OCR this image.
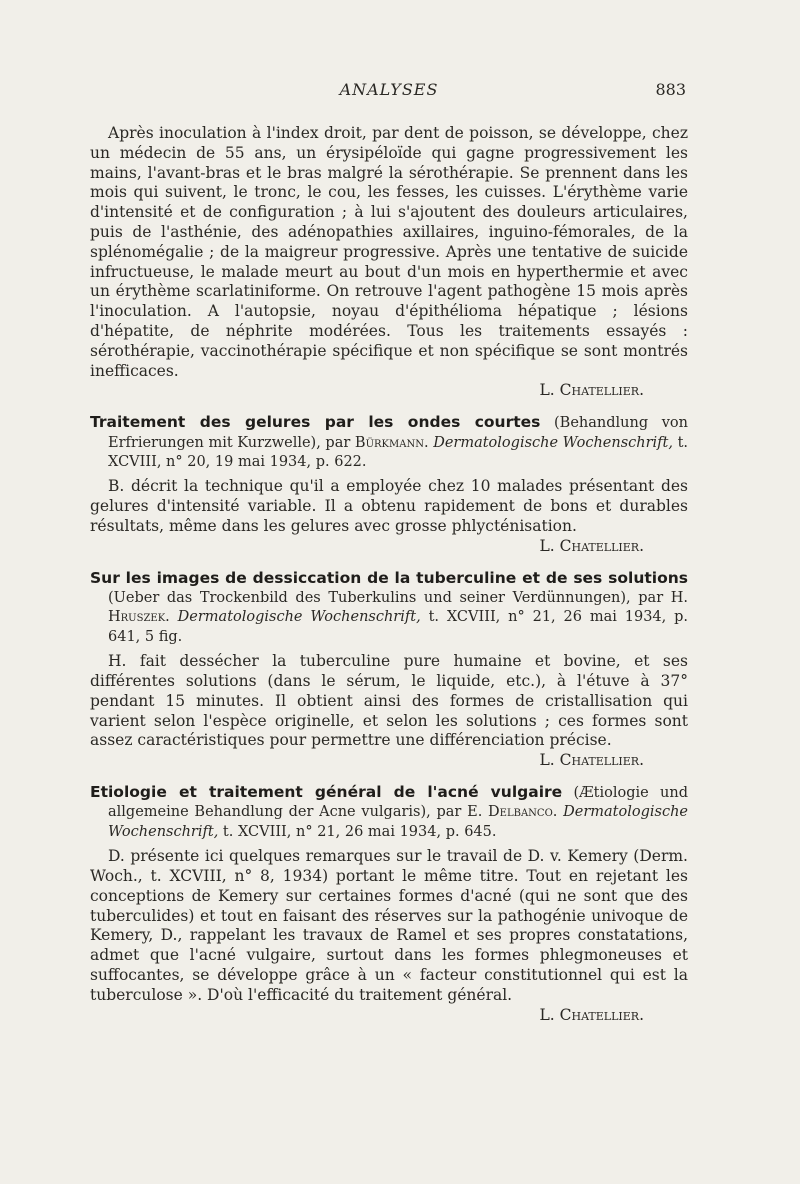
ANALYSES	883

Après inoculation à l'index droit, par dent de poisson, se développe, chez un médecin de 55 ans, un érysipéloïde qui gagne progressivement les mains, l'avant-bras et le bras malgré la sérothérapie. Se prennent dans les mois qui suivent, le tronc, le cou, les fesses, les cuisses. L'érythème varie d'intensité et de configuration ; à lui s'ajoutent des douleurs articulaires, puis de l'asthénie, des adénopathies axillaires, inguino-fémorales, de la splénomégalie ; de la maigreur progressive. Après une tentative de suicide infructueuse, le malade meurt au bout d'un mois en hyperthermie et avec un érythème scarlatiniforme. On retrouve l'agent pathogène 15 mois après l'inoculation. A l'autopsie, noyau d'épithélioma hépatique ; lésions d'hépatite, de néphrite modérées. Tous les traitements essayés : sérothérapie, vaccinothérapie spécifique et non spécifique se sont montrés inefficaces.

L. Chatellier.

Traitement des gelures par les ondes courtes (Behandlung von Erfrierungen mit Kurzwelle), par Bürkmann. Dermatologische Wochenschrift, t. XCVIII, n° 20, 19 mai 1934, p. 622.

B. décrit la technique qu'il a employée chez 10 malades présentant des gelures d'intensité variable. Il a obtenu rapidement de bons et durables résultats, même dans les gelures avec grosse phlycténisation.

L. Chatellier.

Sur les images de dessiccation de la tuberculine et de ses solutions (Ueber das Trockenbild des Tuberkulins und seiner Verdünnungen), par H. Hruszek. Dermatologische Wochenschrift, t. XCVIII, n° 21, 26 mai 1934, p. 641, 5 fig.

H. fait dessécher la tuberculine pure humaine et bovine, et ses différentes solutions (dans le sérum, le liquide, etc.), à l'étuve à 37° pendant 15 minutes. Il obtient ainsi des formes de cristallisation qui varient selon l'espèce originelle, et selon les solutions ; ces formes sont assez caractéristiques pour permettre une différenciation précise.

L. Chatellier.

Etiologie et traitement général de l'acné vulgaire (Ætiologie und allgemeine Behandlung der Acne vulgaris), par E. Delbanco. Dermatologische Wochenschrift, t. XCVIII, n° 21, 26 mai 1934, p. 645.

D. présente ici quelques remarques sur le travail de D. v. Kemery (Derm. Woch., t. XCVIII, n° 8, 1934) portant le même titre. Tout en rejetant les conceptions de Kemery sur certaines formes d'acné (qui ne sont que des tuberculides) et tout en faisant des réserves sur la pathogénie univoque de Kemery, D., rappelant les travaux de Ramel et ses propres constatations, admet que l'acné vulgaire, surtout dans les formes phlegmoneuses et suffocantes, se développe grâce à un « facteur constitutionnel qui est la tuberculose ». D'où l'efficacité du traitement général.

L. Chatellier.
